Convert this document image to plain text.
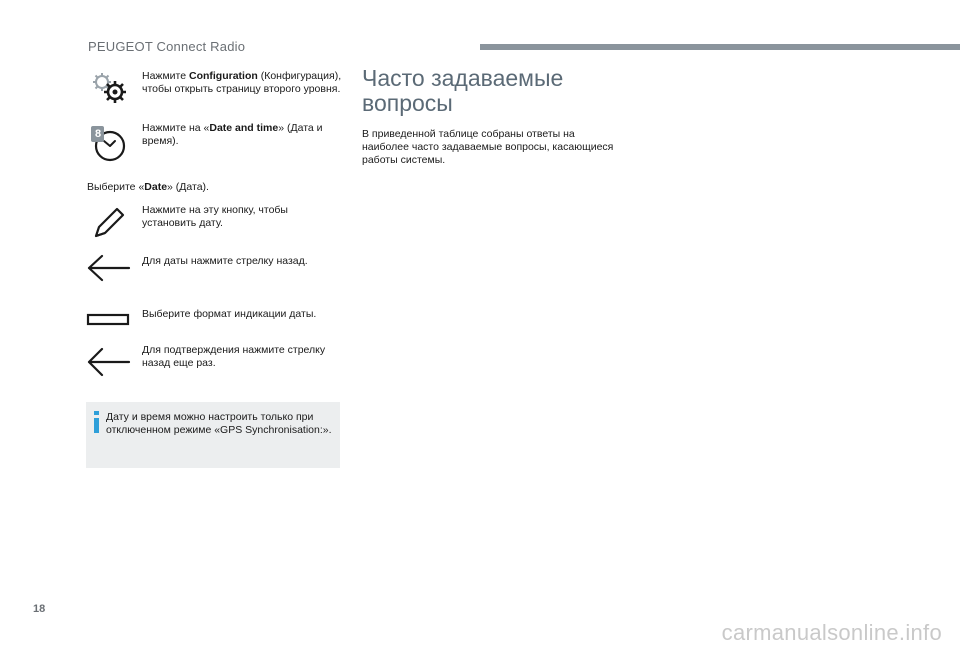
PEUGEOT Connect Radio
Нажмите Configuration (Конфигурация), чтобы открыть страницу второго уровня.
8	Нажмите на «Date and time» (Дата и время).
Выберите «Date» (Дата).
Нажмите на эту кнопку, чтобы установить дату.
Для даты нажмите стрелку назад.
Выберите формат индикации даты.
Для подтверждения нажмите стрелку назад еще раз.
Дату и время можно настроить только при отключенном режиме «GPS Synchronisation:».
Часто задаваемые вопросы
В приведенной таблице собраны ответы на наиболее часто задаваемые вопросы, касающиеся работы системы.
18
carmanualsonline.info
